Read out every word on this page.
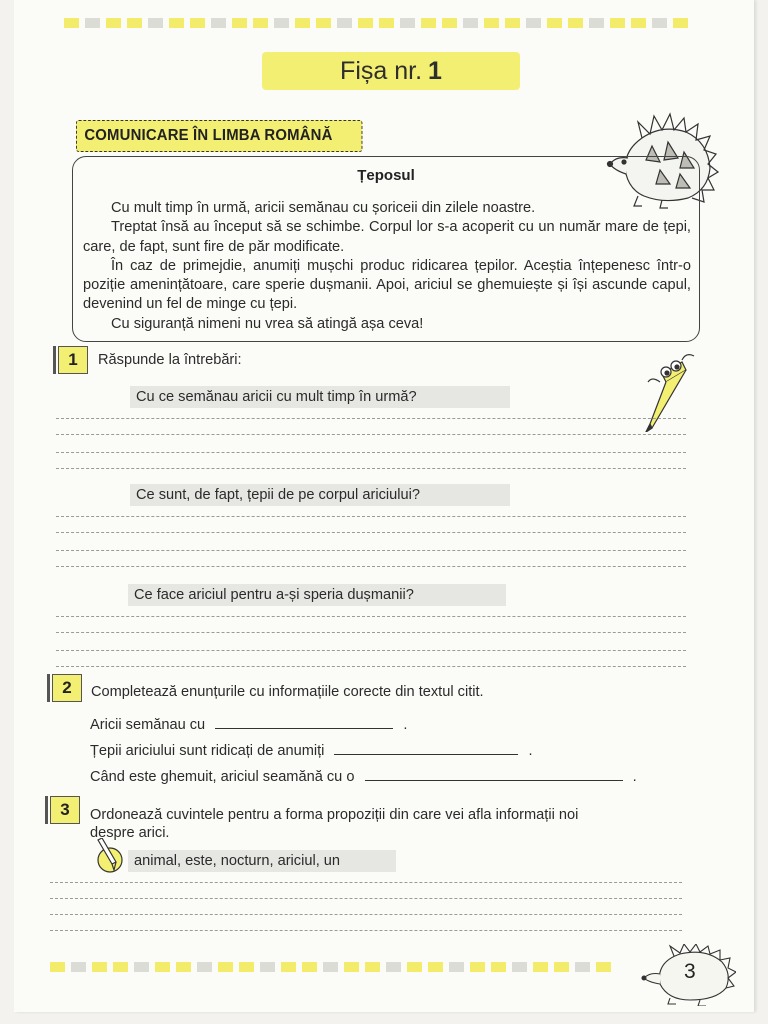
Fișa nr. 1
COMUNICARE ÎN LIMBA ROMÂNĂ
Țeposul

Cu mult timp în urmă, aricii semănau cu șoriceii din zilele noastre.

Treptat însă au început să se schimbe. Corpul lor s-a acoperit cu un număr mare de țepi, care, de fapt, sunt fire de păr modificate.

În caz de primejdie, anumiți mușchi produc ridicarea țepilor. Aceștia înțepenesc într-o poziție amenințătoare, care sperie dușmanii. Apoi, ariciul se ghemuiește și își ascunde capul, devenind un fel de minge cu țepi.

Cu siguranță nimeni nu vrea să atingă așa ceva!

1	Răspunde la întrebări:
Cu ce semănau aricii cu mult timp în urmă?
Ce sunt, de fapt, țepii de pe corpul ariciului?
Ce face ariciul pentru a-și speria dușmanii?
2	Completează enunțurile cu informațiile corecte din textul citit.
Aricii semănau cu	.
Țepii ariciului sunt ridicați de anumiți	.
Când este ghemuit, ariciul seamănă cu o	.
3	Ordonează cuvintele pentru a forma propoziții din care vei afla informații noi
despre arici.
animal, este, nocturn, ariciul, un
3
